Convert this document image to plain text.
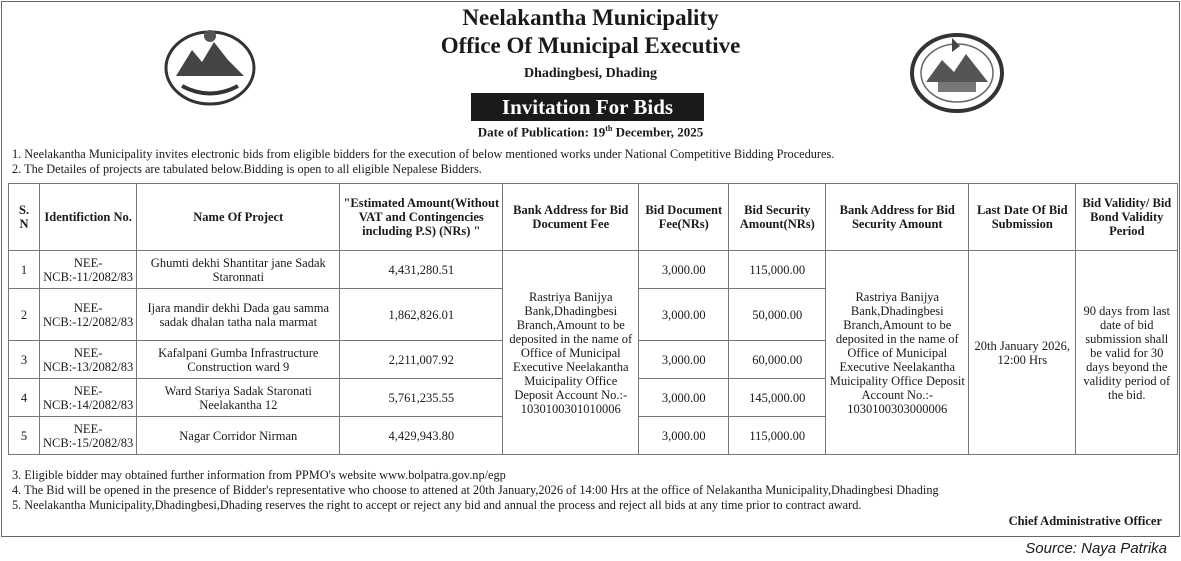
Neelakantha Municipality
Office Of Municipal Executive
Dhadingbesi, Dhading
Invitation For Bids
Date of Publication: 19th December, 2025
1. Neelakantha Municipality invites electronic bids from eligible bidders for the execution of below mentioned works under National Competitive Bidding Procedures.
2. The Detailes of projects are tabulated below.Bidding is open to all eligible Nepalese Bidders.
S.
N	Identifiction No.	Name Of Project	"Estimated Amount(Without VAT and Contingencies including P.S) (NRs) "	Bank Address for Bid Document Fee	Bid Document Fee(NRs)	Bid Security Amount(NRs)	Bank Address for Bid Security Amount	Last Date Of Bid Submission	Bid Validity/ Bid Bond Validity Period
1	NEE-NCB:-11/2082/83	Ghumti dekhi Shantitar jane Sadak Staronnati	4,431,280.51	Rastriya Banijya Bank,Dhadingbesi Branch,Amount to be deposited in the name of Office of Municipal Executive Neelakantha Muicipality Office Deposit Account No.:- 1030100301010006	3,000.00	115,000.00	Rastriya Banijya Bank,Dhadingbesi Branch,Amount to be deposited in the name of Office of Municipal Executive Neelakantha Muicipality Office Deposit Account No.:- 1030100303000006	20th January 2026, 12:00 Hrs	90 days from last date of bid submission shall be valid for 30 days beyond the validity period of the bid.
2	NEE-NCB:-12/2082/83	Ijara mandir dekhi Dada gau samma sadak dhalan tatha nala marmat	1,862,826.01		3,000.00	50,000.00			
3	NEE-NCB:-13/2082/83	Kafalpani Gumba Infrastructure Construction ward 9	2,211,007.92		3,000.00	60,000.00			
4	NEE-NCB:-14/2082/83	Ward Stariya Sadak Staronati Neelakantha 12	5,761,235.55		3,000.00	145,000.00			
5	NEE-NCB:-15/2082/83	Nagar Corridor Nirman	4,429,943.80		3,000.00	115,000.00			
3. Eligible bidder may obtained further information from PPMO's website www.bolpatra.gov.np/egp
4. The Bid will be opened in the presence of Bidder's representative who choose to attened at 20th January,2026 of 14:00 Hrs at the office of Nelakantha Municipality,Dhadingbesi Dhading
5. Neelakantha Municipality,Dhadingbesi,Dhading reserves the right to accept or reject any bid and annual the process and reject all bids at any time prior to contract award.
Chief Administrative Officer
Source: Naya Patrika
